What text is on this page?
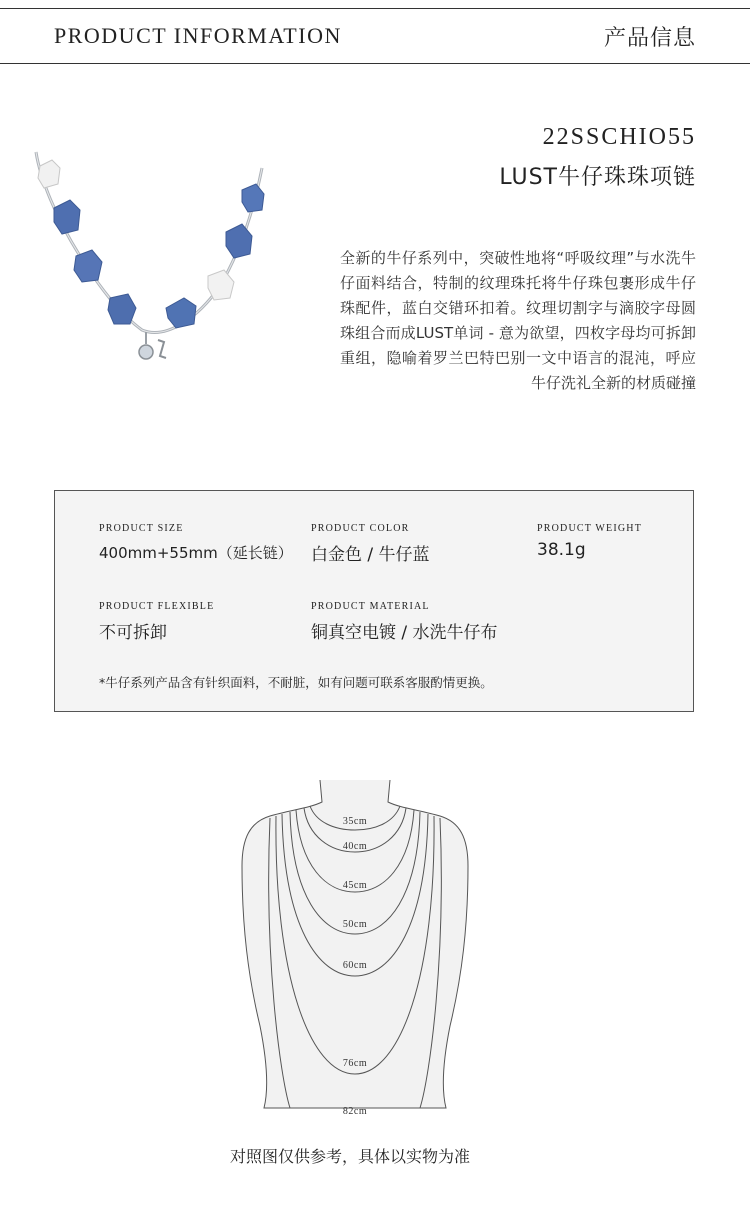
PRODUCT INFORMATION	产品信息
22SSCHIO55
LUST牛仔珠珠项链
全新的牛仔系列中，突破性地将“呼吸纹理”与水洗牛仔面料结合，特制的纹理珠托将牛仔珠包裹形成牛仔珠配件，蓝白交错环扣着。纹理切割字与滴胶字母圆珠组合而成LUST单词 - 意为欲望，四枚字母均可拆卸重组，隐喻着罗兰巴特巴别一文中语言的混沌，呼应牛仔洗礼全新的材质碰撞
PRODUCT SIZE
400mm+55mm（延长链）
PRODUCT COLOR
白金色 / 牛仔蓝
PRODUCT WEIGHT
38.1g
PRODUCT FLEXIBLE
不可拆卸
PRODUCT MATERIAL
铜真空电镀 / 水洗牛仔布
*牛仔系列产品含有针织面料，不耐脏，如有问题可联系客服酌情更换。
35cm
40cm
45cm
50cm
60cm
76cm
82cm
对照图仅供参考，具体以实物为准
